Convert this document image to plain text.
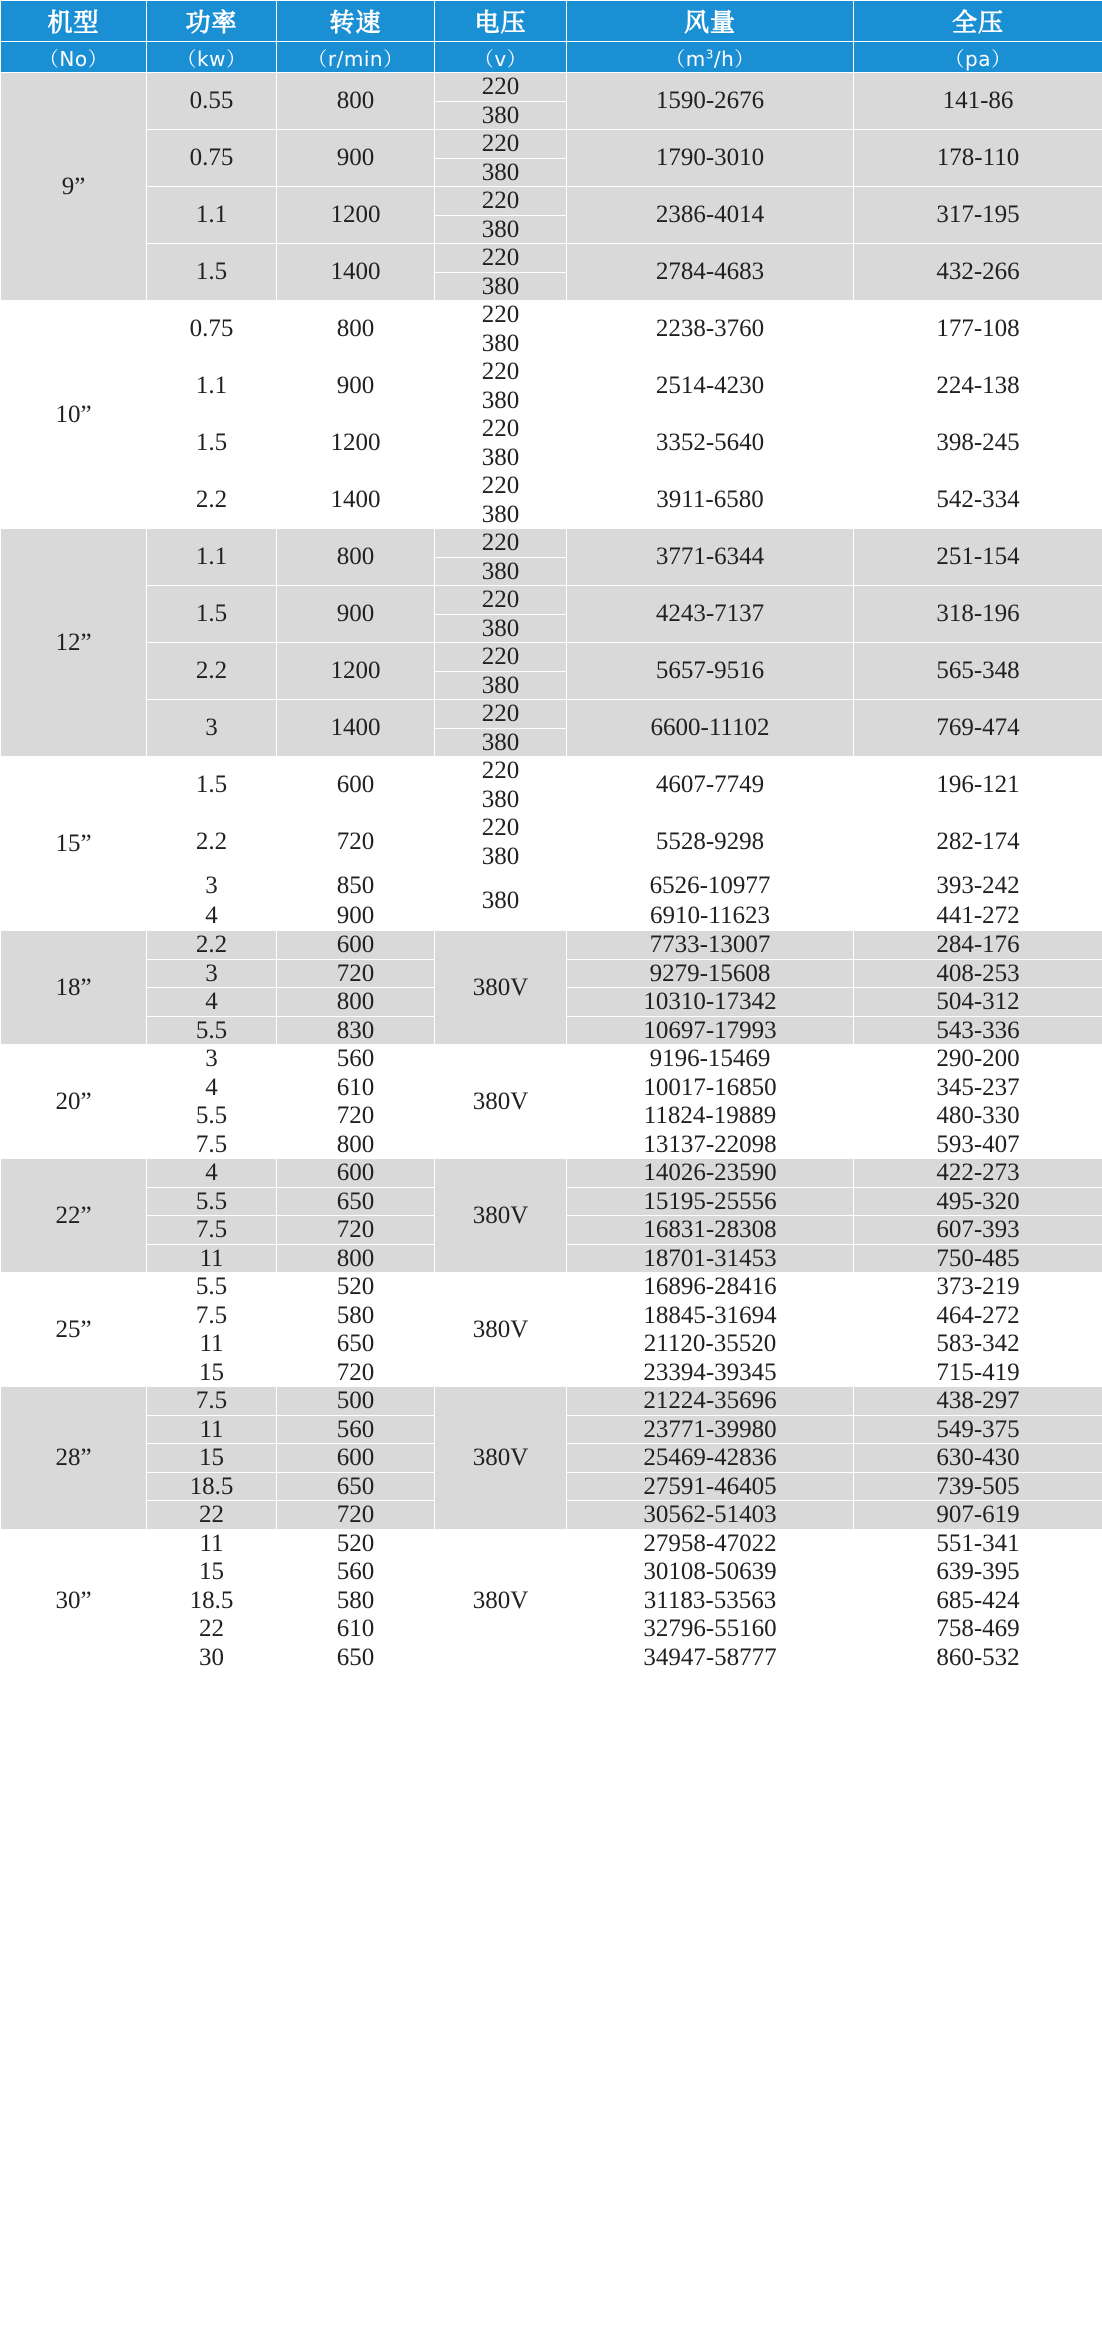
机型	功率	转速	电压	风量	全压
（No）	（kw）	（r/min）	（v）	$(m^3/h)$	（pa）
9”	0.55	800	220	1590-2676	141-86
			380		
	0.75	900	220	1790-3010	178-110
			380		
	1.1	1200	220	2386-4014	317-195
			380		
	1.5	1400	220	2784-4683	432-266
			380		
10”	0.75	800	220	2238-3760	177-108
			380		
	1.1	900	220	2514-4230	224-138
			380		
	1.5	1200	220	3352-5640	398-245
			380		
	2.2	1400	220	3911-6580	542-334
			380		
12”	1.1	800	220	3771-6344	251-154
			380		
	1.5	900	220	4243-7137	318-196
			380		
	2.2	1200	220	5657-9516	565-348
			380		
	3	1400	220	6600-11102	769-474
			380		
15”	1.5	600	220	4607-7749	196-121
			380		
	2.2	720	220	5528-9298	282-174
			380		
	3	850	380	6526-10977	393-242
	4	900		6910-11623	441-272
18”	2.2	600	380V	7733-13007	284-176
	3	720		9279-15608	408-253
	4	800		10310-17342	504-312
	5.5	830		10697-17993	543-336
20”	3	560	380V	9196-15469	290-200
	4	610		10017-16850	345-237
	5.5	720		11824-19889	480-330
	7.5	800		13137-22098	593-407
22”	4	600	380V	14026-23590	422-273
	5.5	650		15195-25556	495-320
	7.5	720		16831-28308	607-393
	11	800		18701-31453	750-485
25”	5.5	520	380V	16896-28416	373-219
	7.5	580		18845-31694	464-272
	11	650		21120-35520	583-342
	15	720		23394-39345	715-419
28”	7.5	500	380V	21224-35696	438-297
	11	560		23771-39980	549-375
	15	600		25469-42836	630-430
	18.5	650		27591-46405	739-505
	22	720		30562-51403	907-619
30”	11	520	380V	27958-47022	551-341
	15	560		30108-50639	639-395
	18.5	580		31183-53563	685-424
	22	610		32796-55160	758-469
	30	650		34947-58777	860-532
